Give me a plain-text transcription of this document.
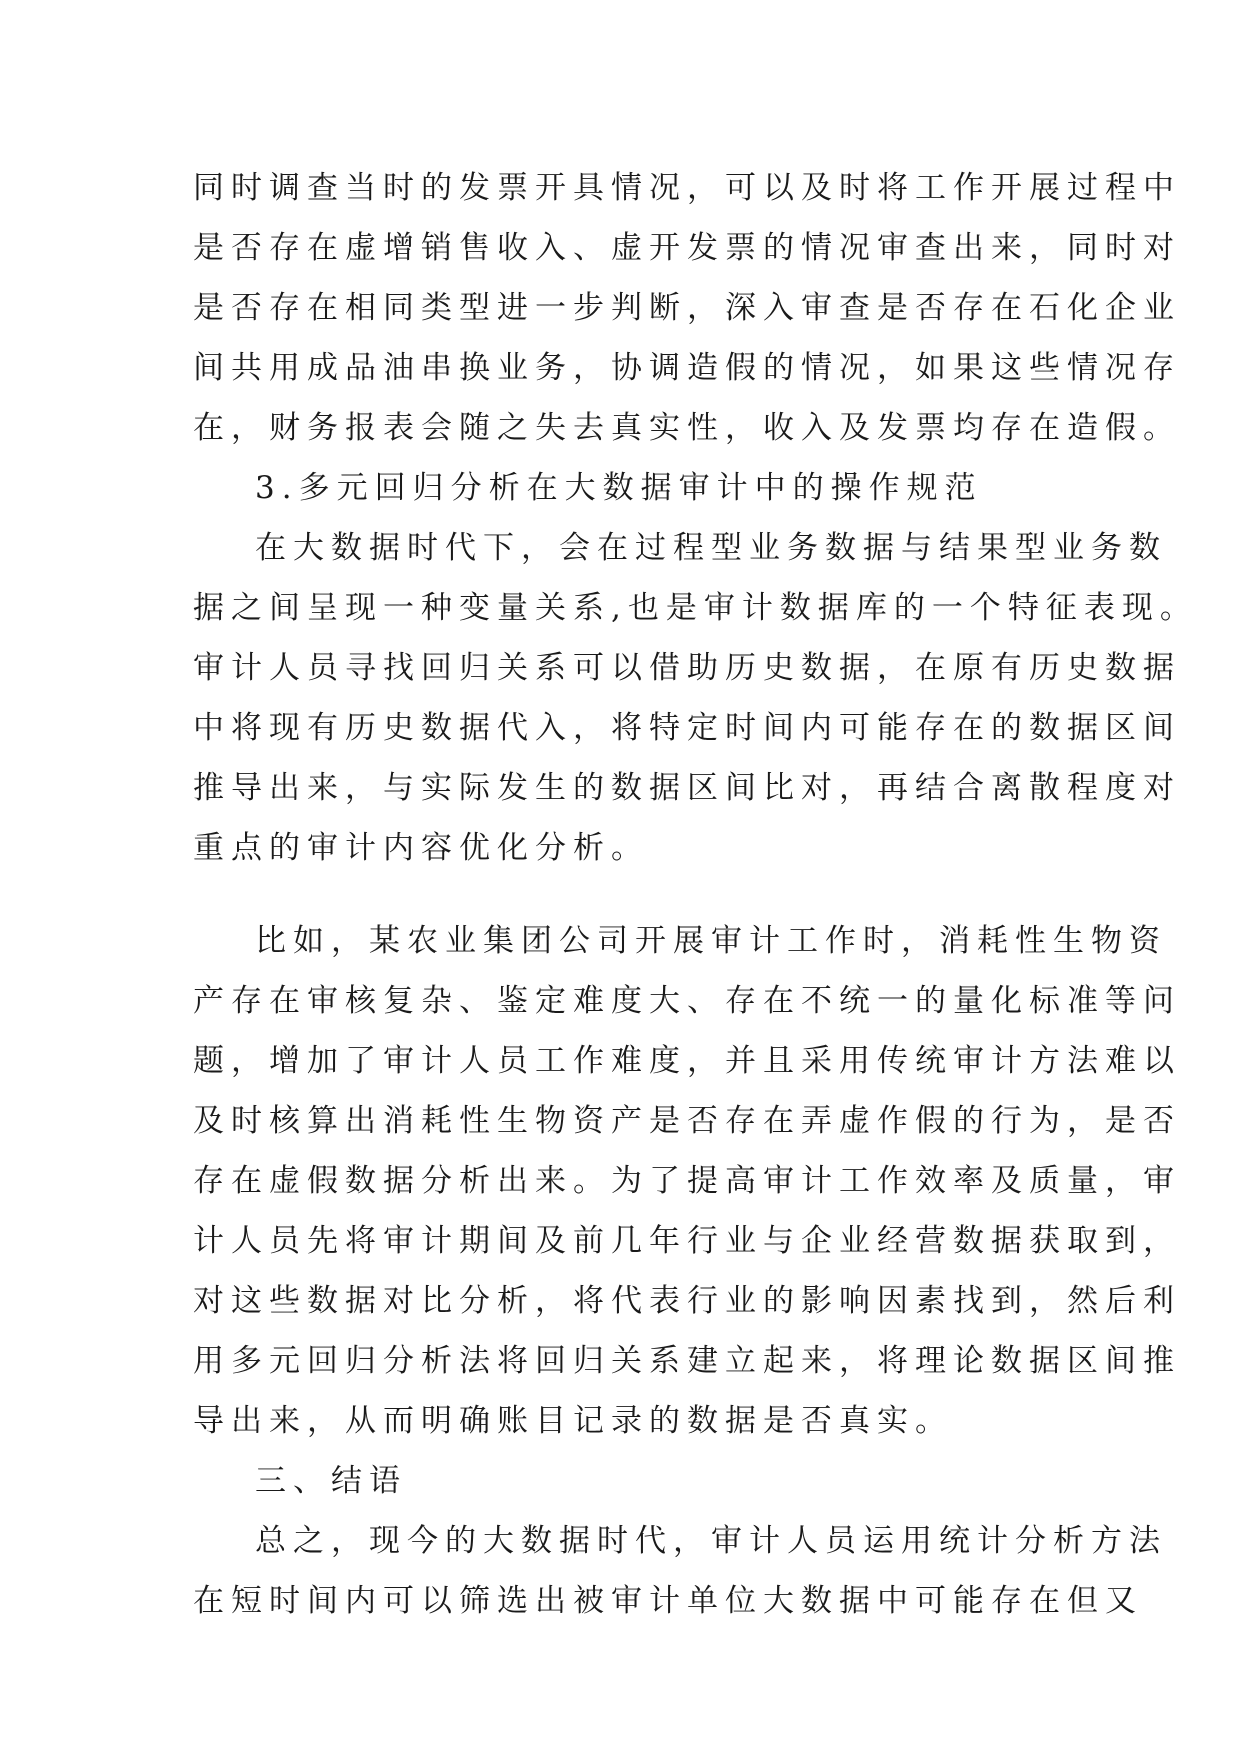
同时调查当时的发票开具情况，可以及时将工作开展过程中
是否存在虚增销售收入、虚开发票的情况审查出来，同时对
是否存在相同类型进一步判断，深入审查是否存在石化企业
间共用成品油串换业务，协调造假的情况，如果这些情况存
在，财务报表会随之失去真实性，收入及发票均存在造假。
3.多元回归分析在大数据审计中的操作规范
在大数据时代下，会在过程型业务数据与结果型业务数
据之间呈现一种变量关系,也是审计数据库的一个特征表现。
审计人员寻找回归关系可以借助历史数据，在原有历史数据
中将现有历史数据代入，将特定时间内可能存在的数据区间
推导出来，与实际发生的数据区间比对，再结合离散程度对
重点的审计内容优化分析。
比如，某农业集团公司开展审计工作时，消耗性生物资
产存在审核复杂、鉴定难度大、存在不统一的量化标准等问
题，增加了审计人员工作难度，并且采用传统审计方法难以
及时核算出消耗性生物资产是否存在弄虚作假的行为，是否
存在虚假数据分析出来。为了提高审计工作效率及质量，审
计人员先将审计期间及前几年行业与企业经营数据获取到，
对这些数据对比分析，将代表行业的影响因素找到，然后利
用多元回归分析法将回归关系建立起来，将理论数据区间推
导出来，从而明确账目记录的数据是否真实。
三、结语
总之，现今的大数据时代，审计人员运用统计分析方法
在短时间内可以筛选出被审计单位大数据中可能存在但又
